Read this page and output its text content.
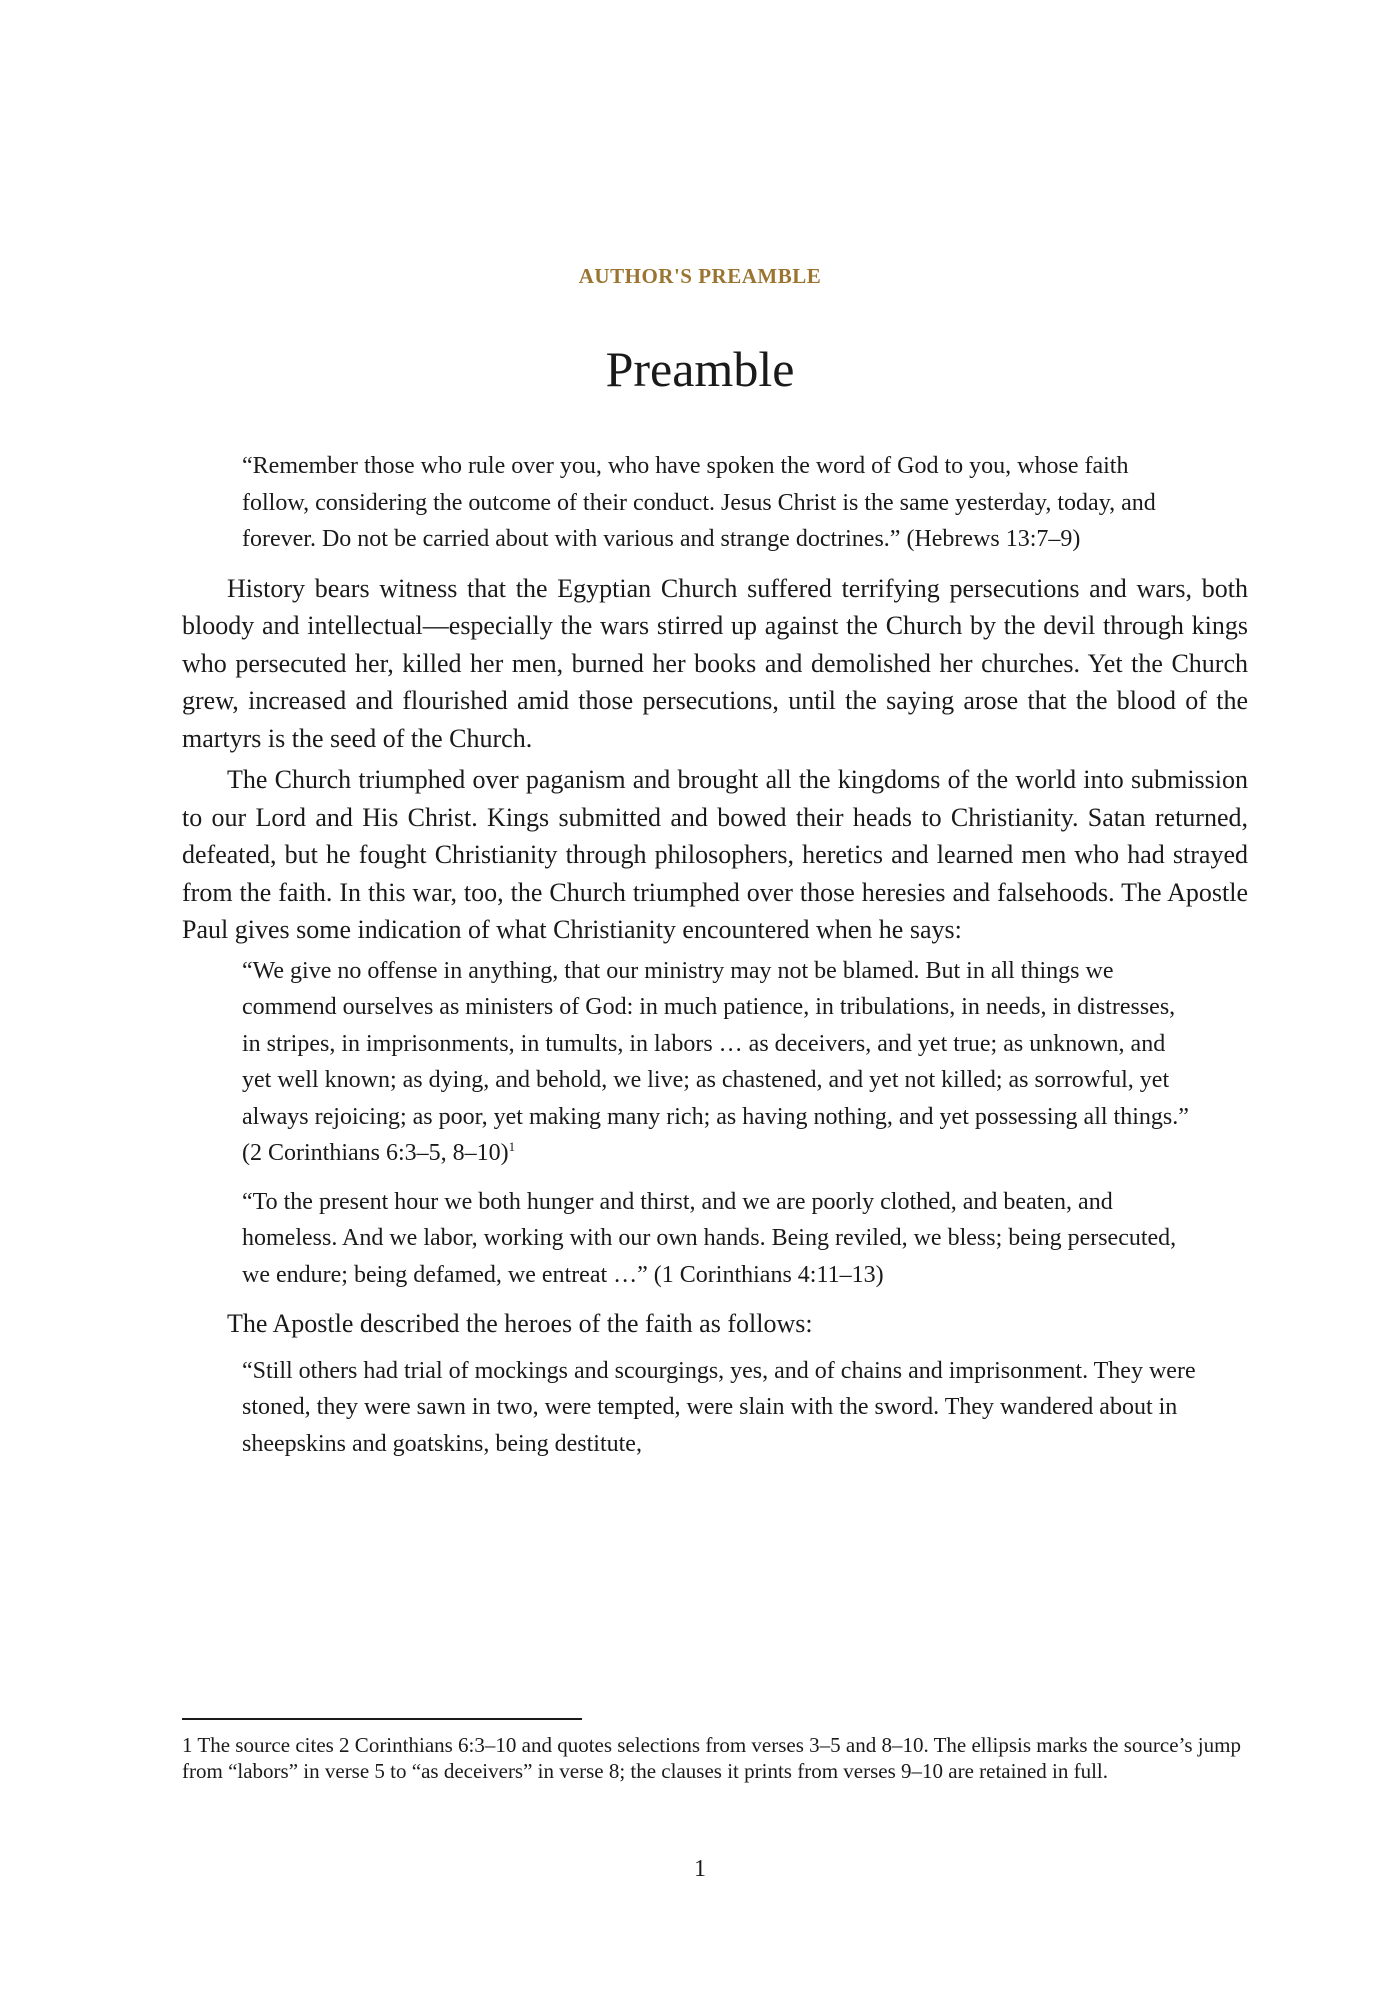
AUTHOR'S PREAMBLE
Preamble

“Remember those who rule over you, who have spoken the word of God to you, whose faith follow, considering the outcome of their conduct. Jesus Christ is the same yesterday, today, and forever. Do not be carried about with various and strange doctrines.” (Hebrews 13:7–9)

History bears witness that the Egyptian Church suffered terrifying persecutions and wars, both bloody and intellectual—especially the wars stirred up against the Church by the devil through kings who persecuted her, killed her men, burned her books and demolished her churches. Yet the Church grew, increased and flourished amid those persecutions, until the saying arose that the blood of the martyrs is the seed of the Church.

The Church triumphed over paganism and brought all the kingdoms of the world into submission to our Lord and His Christ. Kings submitted and bowed their heads to Christianity. Satan returned, defeated, but he fought Christianity through philosophers, heretics and learned men who had strayed from the faith. In this war, too, the Church triumphed over those heresies and falsehoods. The Apostle Paul gives some indication of what Christianity encountered when he says:

“We give no offense in anything, that our ministry may not be blamed. But in all things we commend ourselves as ministers of God: in much patience, in tribulations, in needs, in distresses, in stripes, in imprisonments, in tumults, in labors … as deceivers, and yet true; as unknown, and yet well known; as dying, and behold, we live; as chastened, and yet not killed; as sorrowful, yet always rejoicing; as poor, yet making many rich; as having nothing, and yet possessing all things.” (2 Corinthians 6:3–5, 8–10)$^1$

“To the present hour we both hunger and thirst, and we are poorly clothed, and beaten, and homeless. And we labor, working with our own hands. Being reviled, we bless; being persecuted, we endure; being defamed, we entreat …” (1 Corinthians 4:11–13)

The Apostle described the heroes of the faith as follows:

“Still others had trial of mockings and scourgings, yes, and of chains and imprisonment. They were stoned, they were sawn in two, were tempted, were slain with the sword. They wandered about in sheepskins and goatskins, being destitute,

1 The source cites 2 Corinthians 6:3–10 and quotes selections from verses 3–5 and 8–10. The ellipsis marks the source’s jump from “labors” in verse 5 to “as deceivers” in verse 8; the clauses it prints from verses 9–10 are retained in full.
1
